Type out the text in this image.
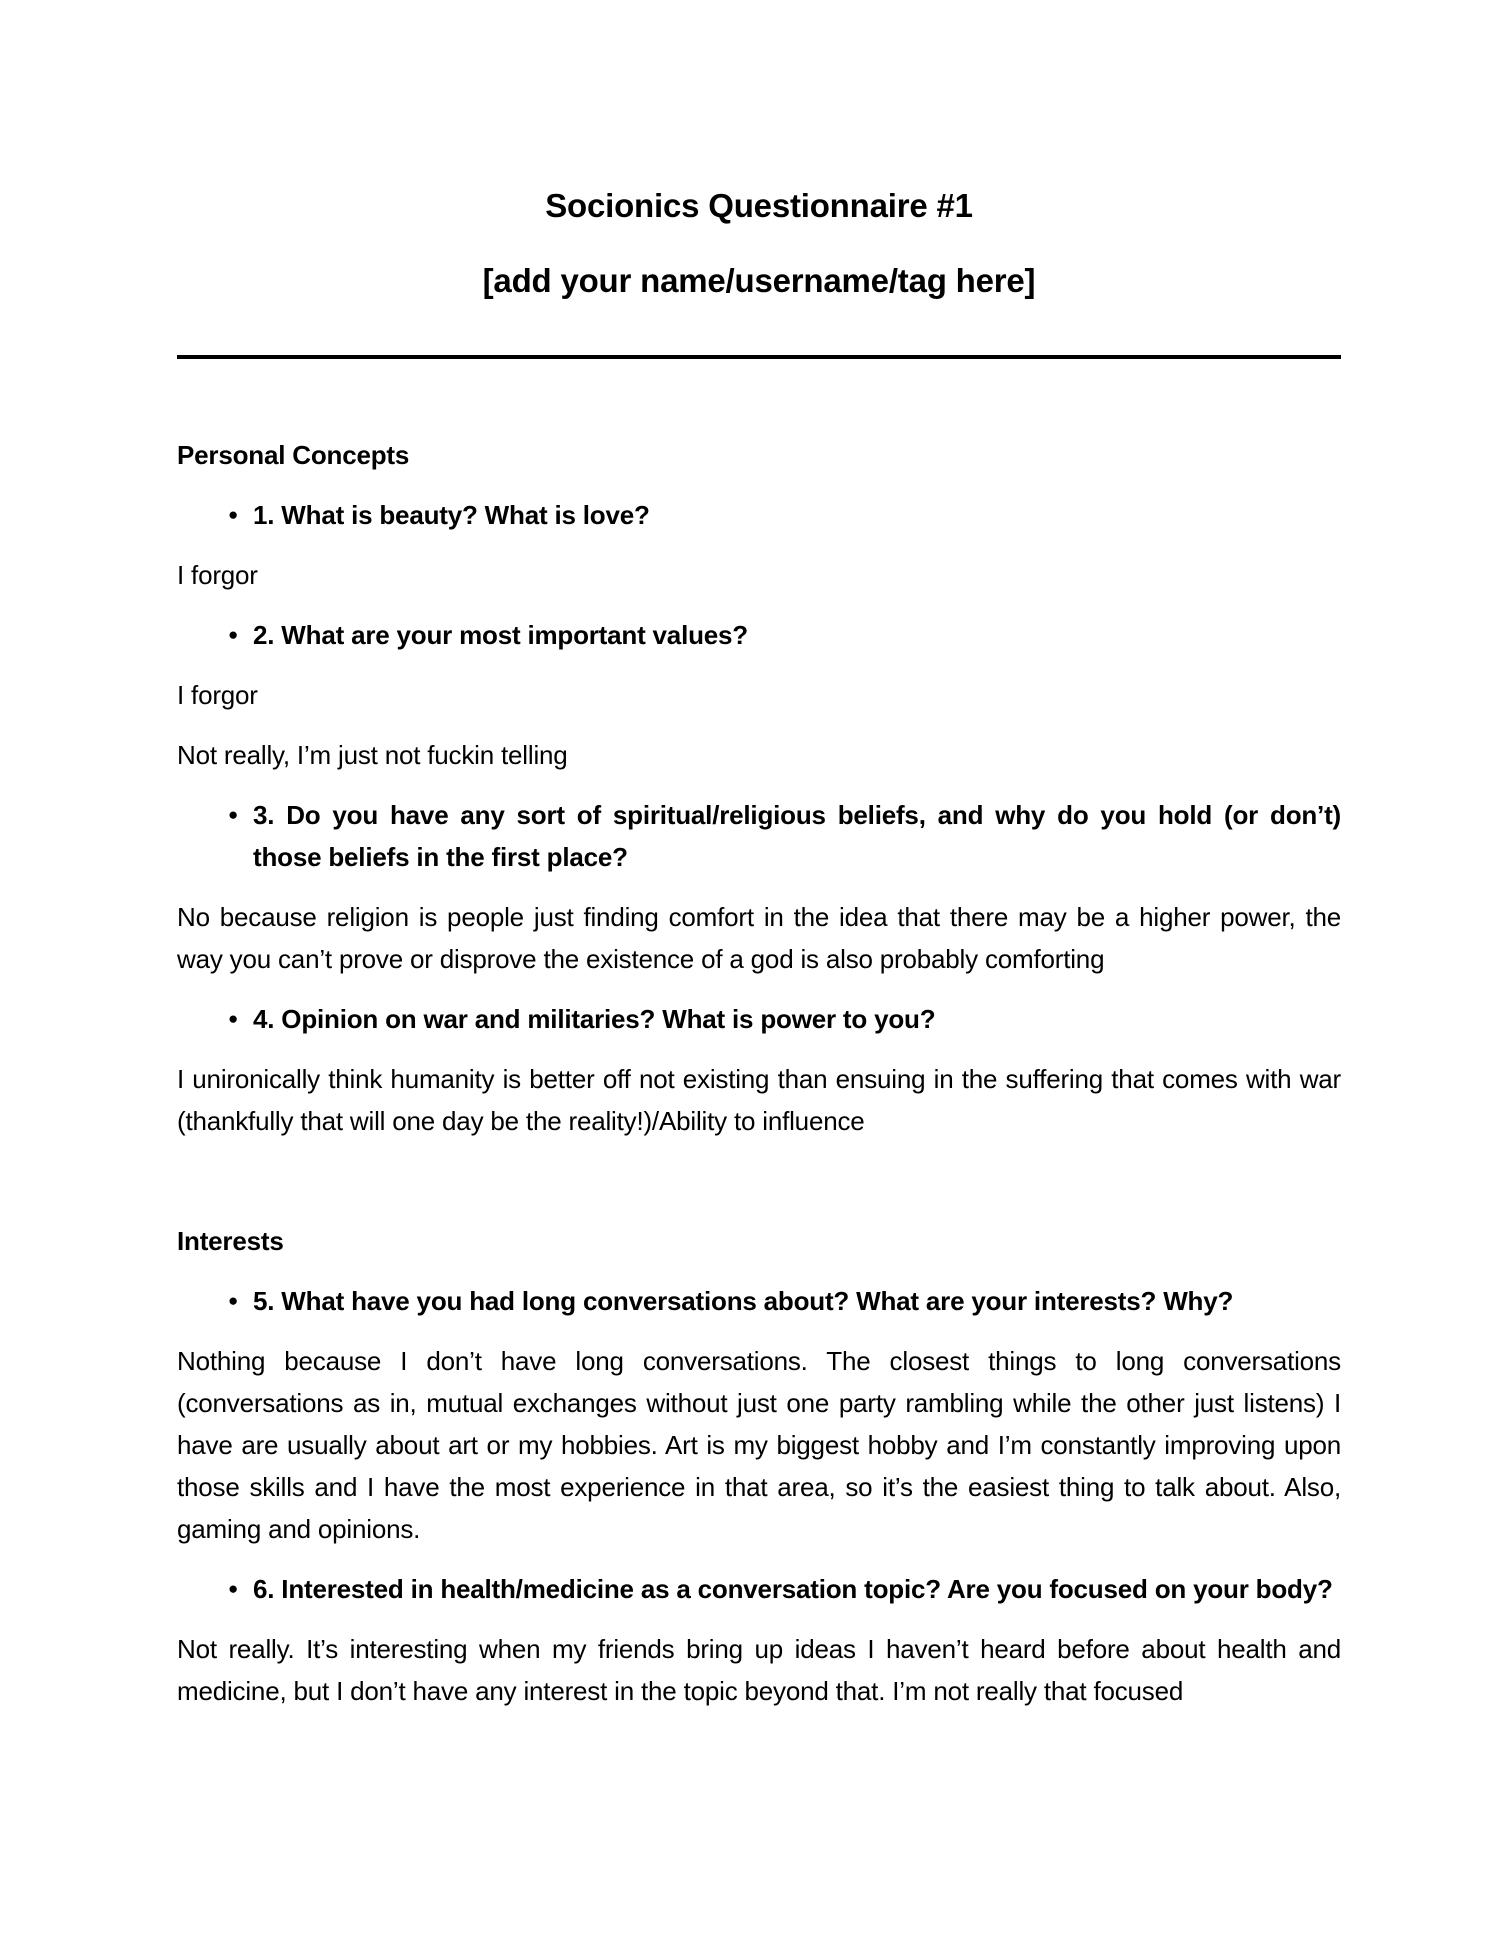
Socionics Questionnaire #1
[add your name/username/tag here]
Personal Concepts
● 1. What is beauty? What is love?

I forgor

● 2. What are your most important values?

I forgor

Not really, I’m just not fuckin telling

● 3. Do you have any sort of spiritual/religious beliefs, and why do you hold (or don’t) those beliefs in the first place?

No because religion is people just finding comfort in the idea that there may be a higher power, the way you can’t prove or disprove the existence of a god is also probably comforting

● 4. Opinion on war and militaries? What is power to you?

I unironically think humanity is better off not existing than ensuing in the suffering that comes with war (thankfully that will one day be the reality!)/Ability to influence

Interests
● 5. What have you had long conversations about? What are your interests? Why?

Nothing because I don’t have long conversations. The closest things to long conversations (conversations as in, mutual exchanges without just one party rambling while the other just listens) I have are usually about art or my hobbies. Art is my biggest hobby and I’m constantly improving upon those skills and I have the most experience in that area, so it’s the easiest thing to talk about. Also, gaming and opinions.

● 6. Interested in health/medicine as a conversation topic? Are you focused on your body?

Not really. It’s interesting when my friends bring up ideas I haven’t heard before about health and medicine, but I don’t have any interest in the topic beyond that. I’m not really that focused
